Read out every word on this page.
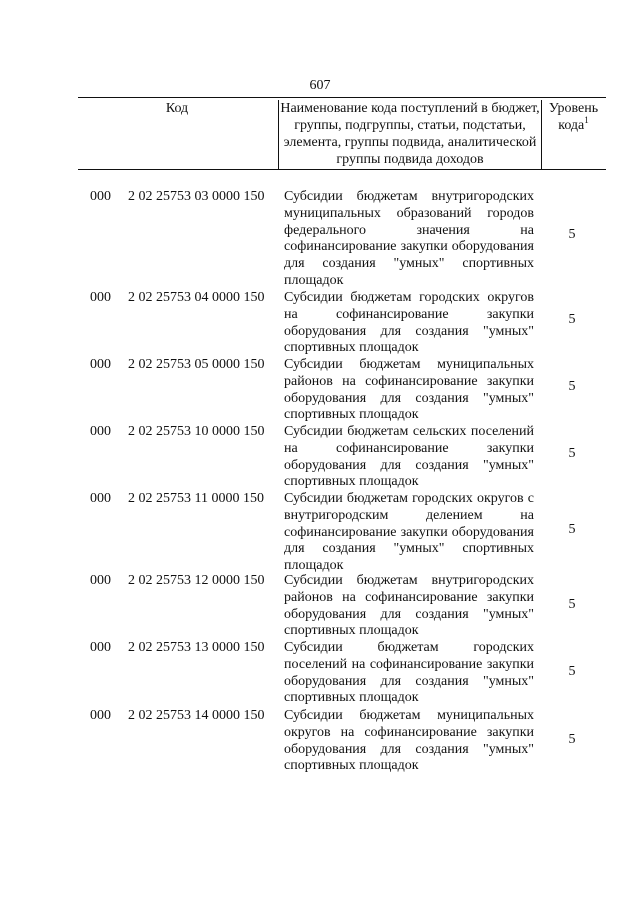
607
Код	Наименование кода поступлений в бюджет, группы, подгруппы, статьи, подстатьи, элемента, группы подвида, аналитической группы подвида доходов
Уровень кода$^1$
000 2 02 25753 03 0000 150 Субсидии бюджетам внутригородских муниципальных образований городов федерального значения на софинансирование закупки оборудования для создания "умных" спортивных площадок
5
000 2 02 25753 04 0000 150 Субсидии бюджетам городских округов на софинансирование закупки оборудования для создания "умных" спортивных площадок
5
000 2 02 25753 05 0000 150 Субсидии бюджетам муниципальных районов на софинансирование закупки оборудования для создания "умных" спортивных площадок
5
000 2 02 25753 10 0000 150 Субсидии бюджетам сельских поселений на софинансирование закупки оборудования для создания "умных" спортивных площадок
5
000 2 02 25753 11 0000 150 Субсидии бюджетам городских округов с внутригородским делением на софинансирование закупки оборудования для создания "умных" спортивных площадок
5
000 2 02 25753 12 0000 150 Субсидии бюджетам внутригородских районов на софинансирование закупки оборудования для создания "умных" спортивных площадок
5
000 2 02 25753 13 0000 150 Субсидии бюджетам городских поселений на софинансирование закупки оборудования для создания "умных" спортивных площадок
5
000 2 02 25753 14 0000 150 Субсидии бюджетам муниципальных округов на софинансирование закупки оборудования для создания "умных" спортивных площадок
5
